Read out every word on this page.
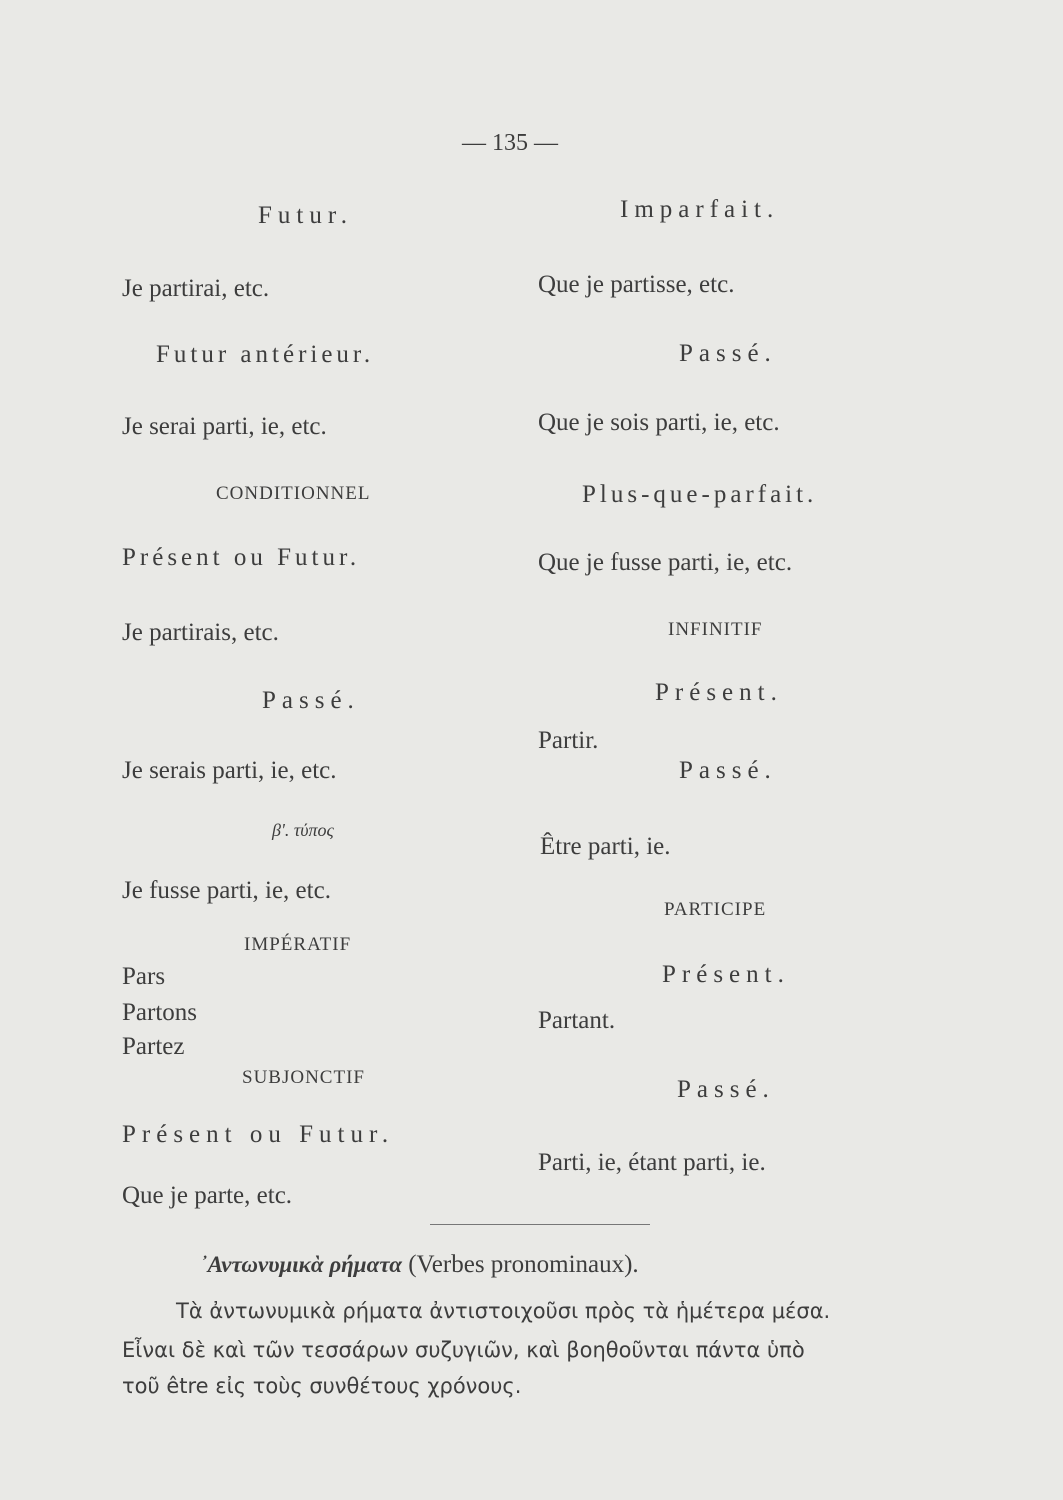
— 135 —
Futur.
Je partirai, etc.
Futur antérieur.
Je serai parti, ie, etc.
CONDITIONNEL
Présent ou Futur.
Je partirais, etc.
Passé.
Je serais parti, ie, etc.
β'. τύπος
Je fusse parti, ie, etc.
IMPÉRATIF
Pars
Partons
Partez
SUBJONCTIF
Présent ou Futur.
Que je parte, etc.
Imparfait.
Que je partisse, etc.
Passé.
Que je sois parti, ie, etc.
Plus-que-parfait.
Que je fusse parti, ie, etc.
INFINITIF
Présent.
Partir.
Passé.
Être parti, ie.
PARTICIPE
Présent.
Partant.
Passé.
Parti, ie, étant parti, ie.
᾿Αντωνυμικὰ ρήματα (Verbes pronominaux).
Τὰ ἀντωνυμικὰ ρήματα ἀντιστοιχοῦσι πρὸς τὰ ἡμέτερα μέσα.
Εἶναι δὲ καὶ τῶν τεσσάρων συζυγιῶν, καὶ βοηθοῦνται πάντα ὑπὸ
τοῦ être εἰς τοὺς συνθέτους χρόνους.
